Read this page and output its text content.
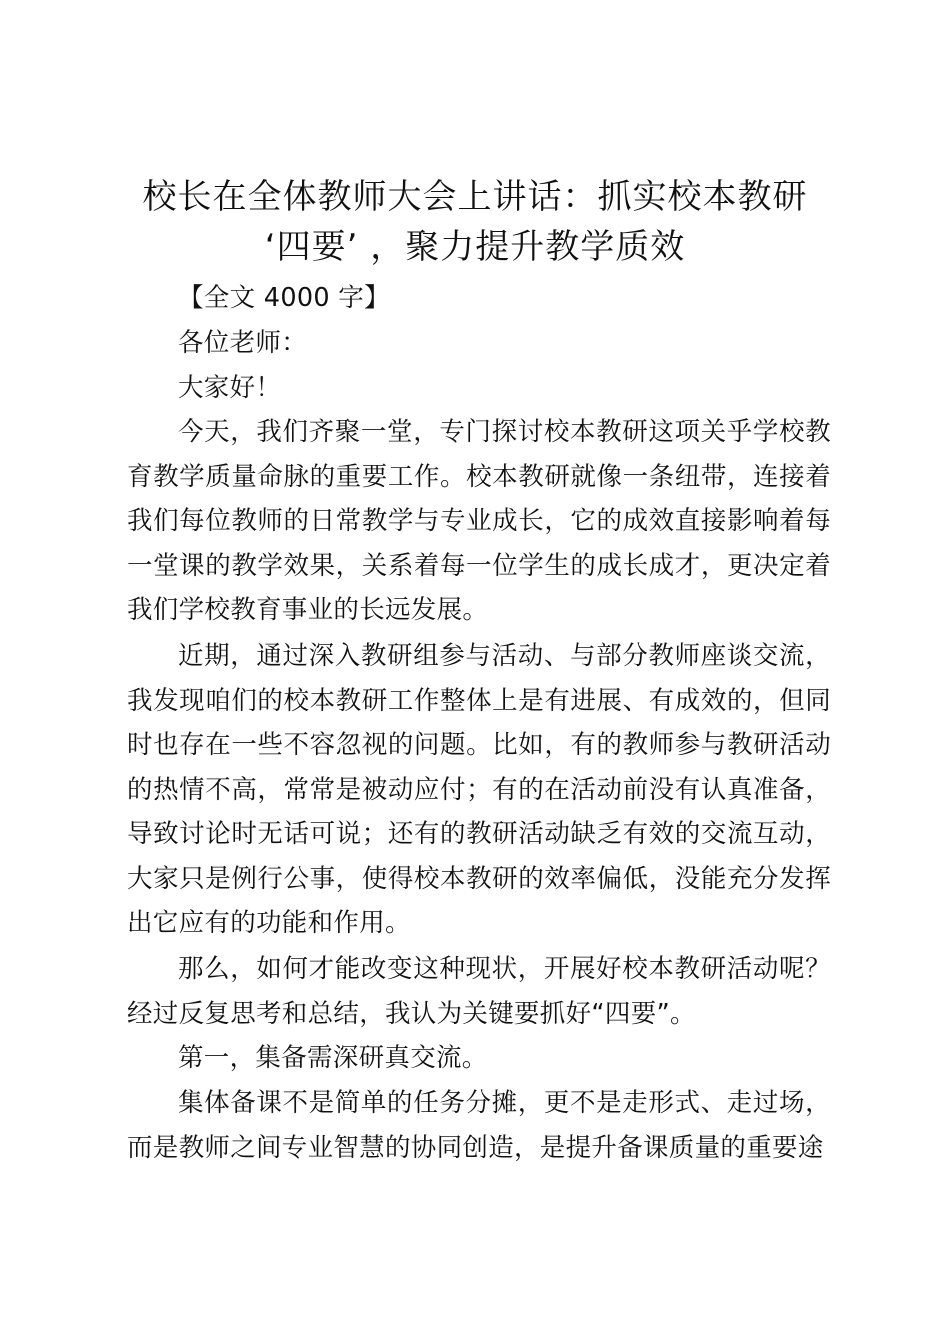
校长在全体教师大会上讲话：抓实校本教研
‘四要’ ，聚力提升教学质效
【全文 4000 字】
各位老师：
大家好！
今天，我们齐聚一堂，专门探讨校本教研这项关乎学校教育教学质量命脉的重要工作。校本教研就像一条纽带，连接着我们每位教师的日常教学与专业成长，它的成效直接影响着每一堂课的教学效果，关系着每一位学生的成长成才，更决定着我们学校教育事业的长远发展。
近期，通过深入教研组参与活动、与部分教师座谈交流，我发现咱们的校本教研工作整体上是有进展、有成效的，但同时也存在一些不容忽视的问题。比如，有的教师参与教研活动的热情不高，常常是被动应付；有的在活动前没有认真准备，导致讨论时无话可说；还有的教研活动缺乏有效的交流互动，大家只是例行公事，使得校本教研的效率偏低，没能充分发挥出它应有的功能和作用。
那么，如何才能改变这种现状，开展好校本教研活动呢？经过反复思考和总结，我认为关键要抓好“四要”。
第一，集备需深研真交流。
集体备课不是简单的任务分摊，更不是走形式、走过场，而是教师之间专业智慧的协同创造，是提升备课质量的重要途
